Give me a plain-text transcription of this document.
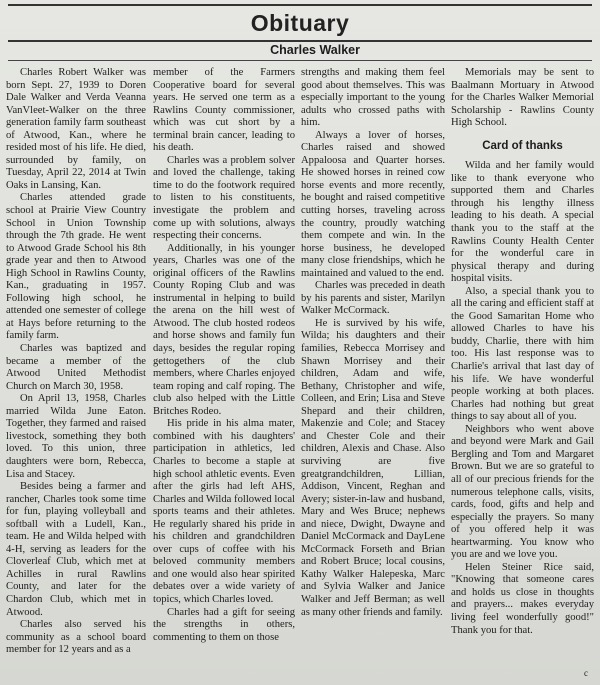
Obituary
Charles Walker

Charles Robert Walker was born Sept. 27, 1939 to Doren Dale Walker and Verda Veanna VanVleet-Walker on the three generation family farm southeast of Atwood, Kan., where he resided most of his life. He died, surrounded by family, on Tuesday, April 22, 2014 at Twin Oaks in Lansing, Kan.

Charles attended grade school at Prairie View Country School in Union Township through the 7th grade. He went to Atwood Grade School his 8th grade year and then to Atwood High School in Rawlins County, Kan., graduating in 1957. Following high school, he attended one semester of college at Hays before returning to the family farm.

Charles was baptized and became a member of the Atwood United Methodist Church on March 30, 1958.

On April 13, 1958, Charles married Wilda June Eaton. Together, they farmed and raised livestock, something they both loved. To this union, three daughters were born, Rebecca, Lisa and Stacey.

Besides being a farmer and rancher, Charles took some time for fun, playing volleyball and softball with a Ludell, Kan., team. He and Wilda helped with 4-H, serving as leaders for the Cloverleaf Club, which met at Achilles in rural Rawlins County, and later for the Chardon Club, which met in Atwood.

Charles also served his community as a school board member for 12 years and as a

member of the Farmers Cooperative board for several years. He served one term as a Rawlins County commissioner, which was cut short by a terminal brain cancer, leading to his death.

Charles was a problem solver and loved the challenge, taking time to do the footwork required to listen to his constituents, investigate the problem and come up with solutions, always respecting their concerns.

Additionally, in his younger years, Charles was one of the original officers of the Rawlins County Roping Club and was instrumental in helping to build the arena on the hill west of Atwood. The club hosted rodeos and horse shows and family fun days, besides the regular roping gettogethers of the club members, where Charles enjoyed team roping and calf roping. The club also helped with the Little Britches Rodeo.

His pride in his alma mater, combined with his daughters' participation in athletics, led Charles to become a staple at high school athletic events. Even after the girls had left AHS, Charles and Wilda followed local sports teams and their athletes. He regularly shared his pride in his children and grandchildren over cups of coffee with his beloved community members and one would also hear spirited debates over a wide variety of topics, which Charles loved.

Charles had a gift for seeing the strengths in others, commenting to them on those

strengths and making them feel good about themselves. This was especially important to the young adults who crossed paths with him.

Always a lover of horses, Charles raised and showed Appaloosa and Quarter horses. He showed horses in reined cow horse events and more recently, he bought and raised competitive cutting horses, traveling across the country, proudly watching them compete and win. In the horse business, he developed many close friendships, which he maintained and valued to the end.

Charles was preceded in death by his parents and sister, Marilyn Walker McCormack.

He is survived by his wife, Wilda; his daughters and their families, Rebecca Morrisey and Shawn Morrisey and their children, Adam and wife, Bethany, Christopher and wife, Colleen, and Erin; Lisa and Steve Shepard and their children, Makenzie and Cole; and Stacey and Chester Cole and their children, Alexis and Chase. Also surviving are five greatgrandchildren, Lillian, Addison, Vincent, Reghan and Avery; sister-in-law and husband, Mary and Wes Bruce; nephews and niece, Dwight, Dwayne and Daniel McCormack and DayLene McCormack Forseth and Brian and Robert Bruce; local cousins, Kathy Walker Halepeska, Marc and Sylvia Walker and Janice Walker and Jeff Berman; as well as many other friends and family.

Memorials may be sent to Baalmann Mortuary in Atwood for the Charles Walker Memorial Scholarship - Rawlins County High School.

Card of thanks

Wilda and her family would like to thank everyone who supported them and Charles through his lengthy illness leading to his death. A special thank you to the staff at the Rawlins County Health Center for the wonderful care in physical therapy and during hospital visits.

Also, a special thank you to all the caring and efficient staff at the Good Samaritan Home who allowed Charles to have his buddy, Charlie, there with him too. His last response was to Charlie's arrival that last day of his life. We have wonderful people working at both places. Charles had nothing but great things to say about all of you.

Neighbors who went above and beyond were Mark and Gail Bergling and Tom and Margaret Brown. But we are so grateful to all of our precious friends for the numerous telephone calls, visits, cards, food, gifts and help and especially the prayers. So many of you offered help it was heartwarming. You know who you are and we love you.

Helen Steiner Rice said, "Knowing that someone cares and holds us close in thoughts and prayers... makes everyday living feel wonderfully good!" Thank you for that.

c
